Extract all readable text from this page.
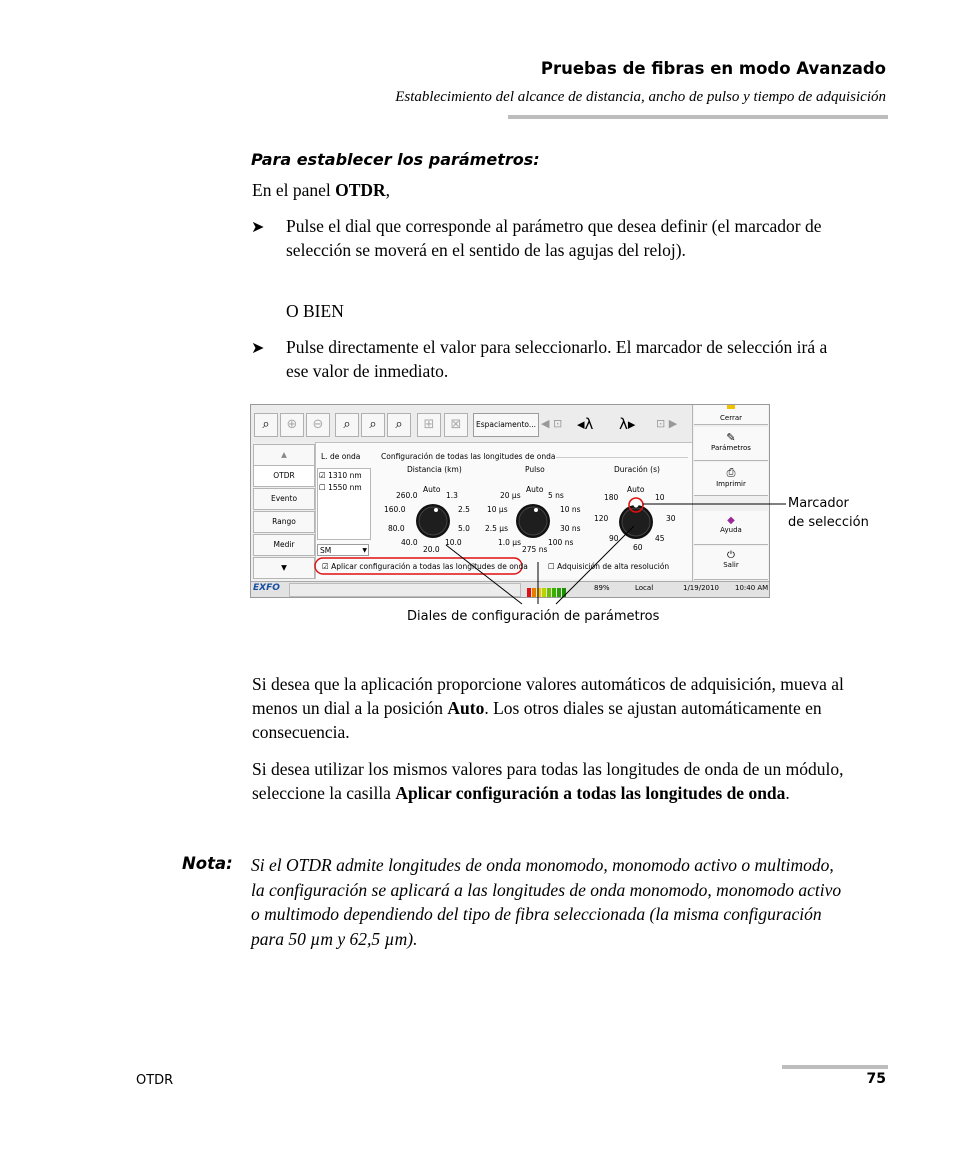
Pruebas de fibras en modo Avanzado
Establecimiento del alcance de distancia, ancho de pulso y tiempo de adquisición
Para establecer los parámetros:
En el panel OTDR,
➤ Pulse el dial que corresponde al parámetro que desea definir (el marcador de selección se moverá en el sentido de las agujas del reloj).
O BIEN
➤ Pulse directamente el valor para seleccionarlo. El marcador de selección irá a ese valor de inmediato.
⌕	⊕	⊖	⌕	⌕	⌕	⊞	⊠	Espaciamento... ◀ ⊡ ◂λ	λ▸	⊡ ▶
▲
OTDR
Evento
Rango
Medir
▼
L. de onda
☑ 1310 nm
☐ 1550 nm
SM	▼
Configuración de todas las longitudes de onda
Distancia (km)	Pulso	Duración (s)
Auto
1.3
2.5
5.0
10.0
20.0
40.0
80.0
160.0
260.0
Auto
5 ns
10 ns
30 ns
100 ns
275 ns
1.0 µs
2.5 µs
10 µs
20 µs
Auto
10
30
45
60
90
120
180
☑ Aplicar configuración a todas las longitudes de onda	☐ Adquisición de alta resolución
Cerrar
✎
Parámetros
⎙
Imprimir
◆
Ayuda
⏻
Salir
EXFO	89%	Local	1/19/2010 10:40 AM
Marcador
de selección
Diales de configuración de parámetros
Si desea que la aplicación proporcione valores automáticos de adquisición, mueva al menos un dial a la posición Auto. Los otros diales se ajustan automáticamente en consecuencia.
Si desea utilizar los mismos valores para todas las longitudes de onda de un módulo, seleccione la casilla Aplicar configuración a todas las longitudes de onda.
Nota: Si el OTDR admite longitudes de onda monomodo, monomodo activo o multimodo, la configuración se aplicará a las longitudes de onda monomodo, monomodo activo o multimodo dependiendo del tipo de fibra seleccionada (la misma configuración para 50 µm y 62,5 µm).
OTDR	75
